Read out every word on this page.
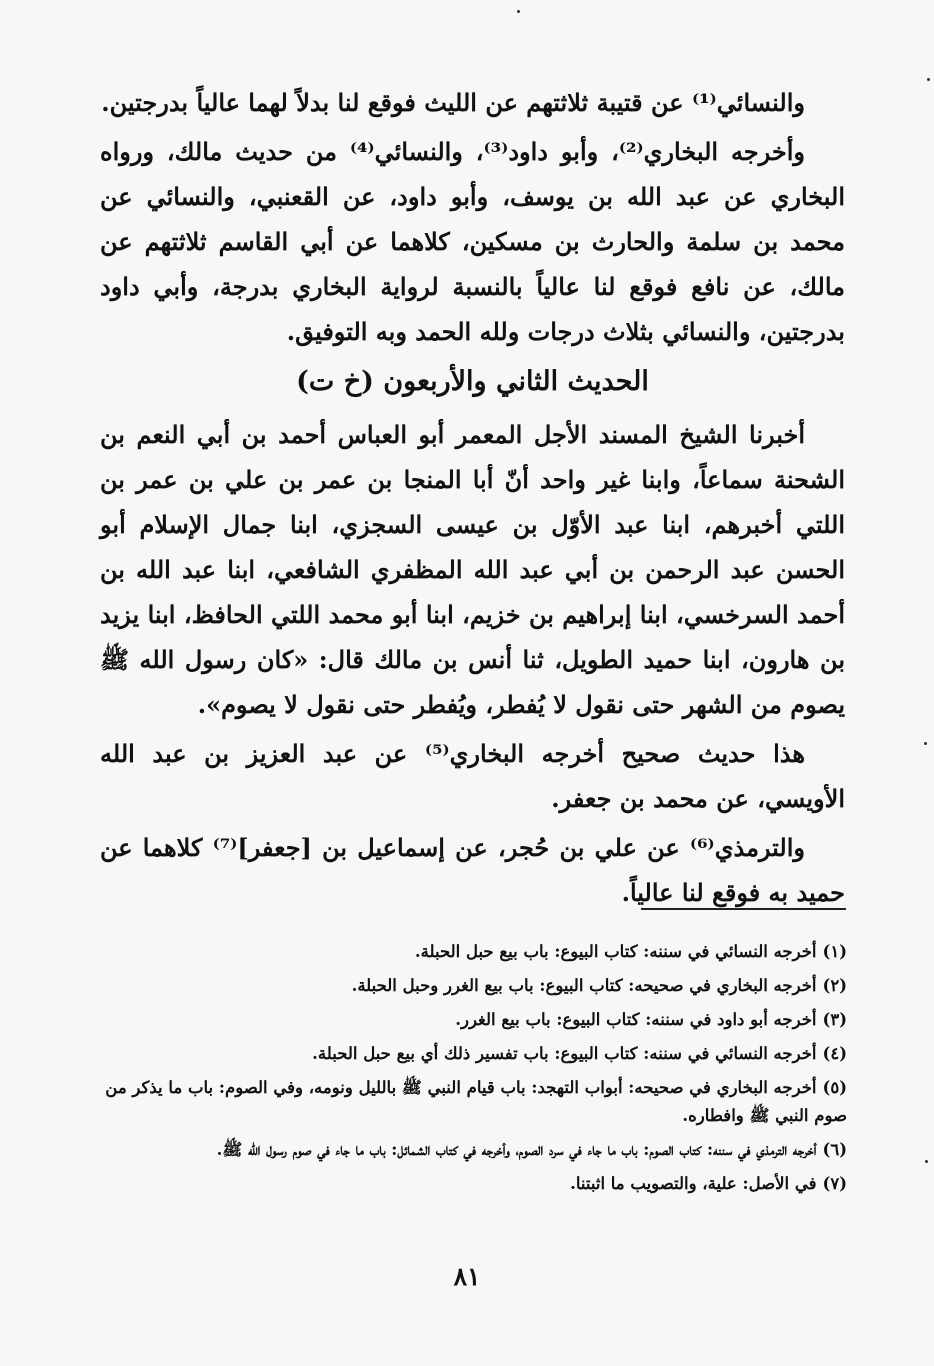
والنسائي⁽¹⁾ عن قتيبة ثلاثتهم عن الليث فوقع لنا بدلاً لهما عالياً بدرجتين.

وأخرجه البخاري⁽²⁾، وأبو داود⁽³⁾، والنسائي⁽⁴⁾ من حديث مالك، ورواه البخاري عن عبد الله بن يوسف، وأبو داود، عن القعنبي، والنسائي عن محمد بن سلمة والحارث بن مسكين، كلاهما عن أبي القاسم ثلاثتهم عن مالك، عن نافع فوقع لنا عالياً بالنسبة لرواية البخاري بدرجة، وأبي داود بدرجتين، والنسائي بثلاث درجات ولله الحمد وبه التوفيق.

الحديث الثاني والأربعون (خ ت)

أخبرنا الشيخ المسند الأجل المعمر أبو العباس أحمد بن أبي النعم بن الشحنة سماعاً، وابنا غير واحد أنّ أبا المنجا بن عمر بن علي بن عمر بن اللتي أخبرهم، ابنا عبد الأوّل بن عيسى السجزي، ابنا جمال الإسلام أبو الحسن عبد الرحمن بن أبي عبد الله المظفري الشافعي، ابنا عبد الله بن أحمد السرخسي، ابنا إبراهيم بن خزيم، ابنا أبو محمد اللتي الحافظ، ابنا يزيد بن هارون، ابنا حميد الطويل، ثنا أنس بن مالك قال: «كان رسول الله ﷺ يصوم من الشهر حتى نقول لا يُفطر، ويُفطر حتى نقول لا يصوم».

هذا حديث صحيح أخرجه البخاري⁽⁵⁾ عن عبد العزيز بن عبد الله الأويسي، عن محمد بن جعفر.

والترمذي⁽⁶⁾ عن علي بن حُجر، عن إسماعيل بن [جعفر]⁽⁷⁾ كلاهما عن حميد به فوقع لنا عالياً.

(١)أخرجه النسائي في سننه: كتاب البيوع: باب بيع حبل الحبلة.

(٢)أخرجه البخاري في صحيحه: كتاب البيوع: باب بيع الغرر وحبل الحبلة.

(٣)أخرجه أبو داود في سننه: كتاب البيوع: باب بيع الغرر.

(٤)أخرجه النسائي في سننه: كتاب البيوع: باب تفسير ذلك أي بيع حبل الحبلة.

(٥)أخرجه البخاري في صحيحه: أبواب التهجد: باب قيام النبي ﷺ بالليل ونومه، وفي الصوم: باب ما يذكر من صوم النبي ﷺ وافطاره.

(٦)أخرجه الترمذي في سننه: كتاب الصوم: باب ما جاء في سرد الصوم، وأخرجه في كتاب الشمائل: باب ما جاء في صوم رسول الله ﷺ.

(٧)في الأصل: علية، والتصويب ما اثبتنا.

٨١
